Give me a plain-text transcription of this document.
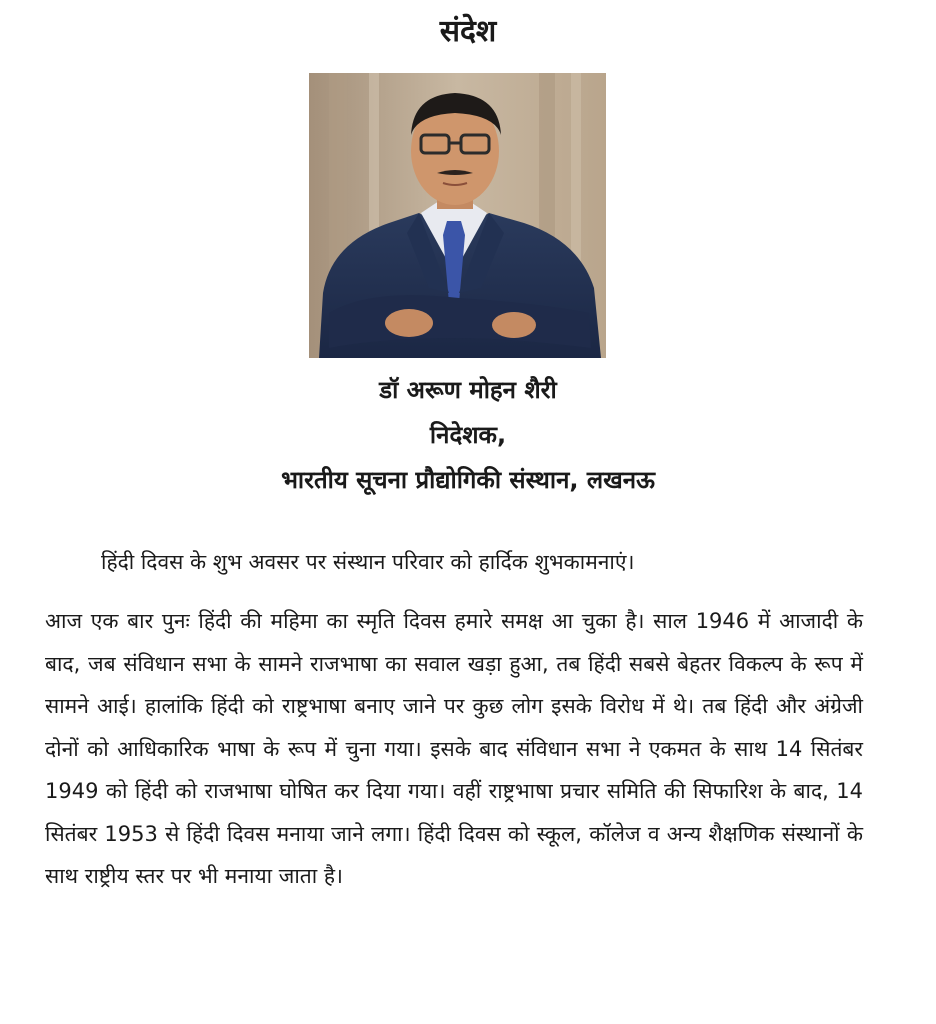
संदेश
डॉ अरूण मोहन शैरी
निदेशक,
भारतीय सूचना प्रौद्योगिकी संस्थान, लखनऊ
हिंदी दिवस के शुभ अवसर पर संस्थान परिवार को हार्दिक शुभकामनाएं।
आज एक बार पुनः हिंदी की महिमा का स्मृति दिवस हमारे समक्ष आ चुका है। साल 1946 में आजादी के बाद, जब संविधान सभा के सामने राजभाषा का सवाल खड़ा हुआ, तब हिंदी सबसे बेहतर विकल्प के रूप में सामने आई। हालांकि हिंदी को राष्ट्रभाषा बनाए जाने पर कुछ लोग इसके विरोध में थे। तब हिंदी और अंग्रेजी दोनों को आधिकारिक भाषा के रूप में चुना गया। इसके बाद संविधान सभा ने एकमत के साथ 14 सितंबर 1949 को हिंदी को राजभाषा घोषित कर दिया गया। वहीं राष्ट्रभाषा प्रचार समिति की सिफारिश के बाद, 14 सितंबर 1953 से हिंदी दिवस मनाया जाने लगा। हिंदी दिवस को स्कूल, कॉलेज व अन्य शैक्षणिक संस्थानों के साथ राष्ट्रीय स्तर पर भी मनाया जाता है।
